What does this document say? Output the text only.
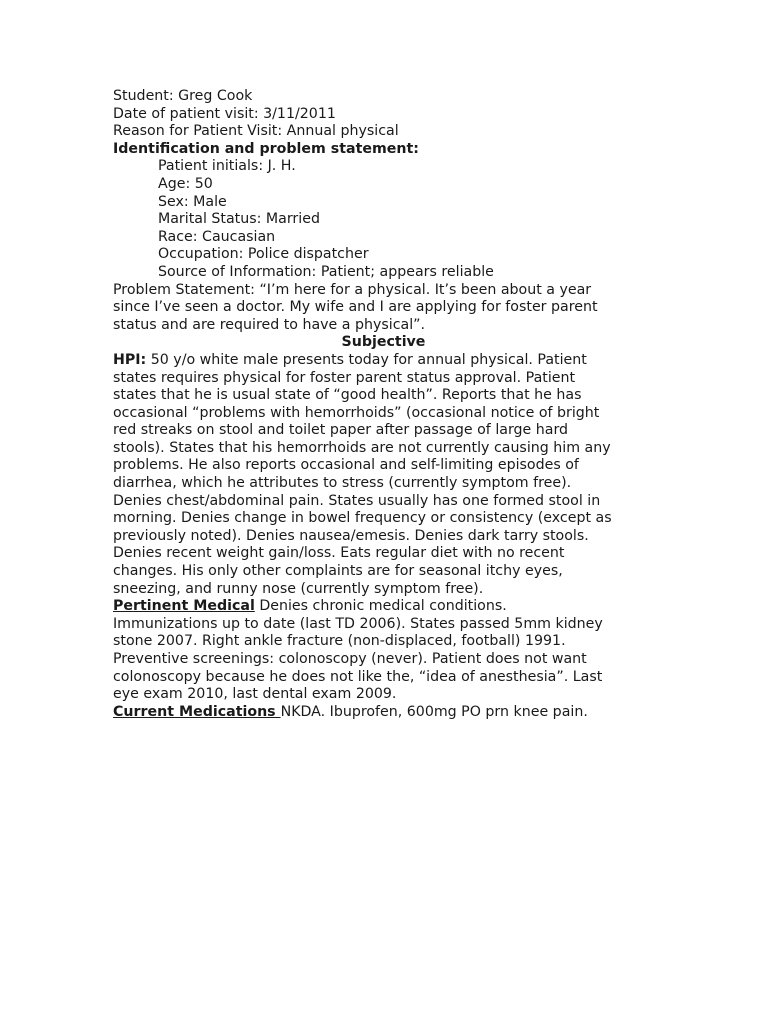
Student: Greg Cook
Date of patient visit: 3/11/2011
Reason for Patient Visit: Annual physical
Identification and problem statement:
Patient initials: J. H.
Age: 50
Sex: Male
Marital Status: Married
Race: Caucasian
Occupation: Police dispatcher
Source of Information: Patient; appears reliable
Problem Statement: “I’m here for a physical. It’s been about a year
since I’ve seen a doctor. My wife and I are applying for foster parent
status and are required to have a physical”.
Subjective
HPI: 50 y/o white male presents today for annual physical. Patient
states requires physical for foster parent status approval. Patient
states that he is usual state of “good health”. Reports that he has
occasional “problems with hemorrhoids” (occasional notice of bright
red streaks on stool and toilet paper after passage of large hard
stools). States that his hemorrhoids are not currently causing him any
problems. He also reports occasional and self-limiting episodes of
diarrhea, which he attributes to stress (currently symptom free).
Denies chest/abdominal pain. States usually has one formed stool in
morning. Denies change in bowel frequency or consistency (except as
previously noted). Denies nausea/emesis. Denies dark tarry stools.
Denies recent weight gain/loss. Eats regular diet with no recent
changes. His only other complaints are for seasonal itchy eyes,
sneezing, and runny nose (currently symptom free).
Pertinent Medical Denies chronic medical conditions.
Immunizations up to date (last TD 2006). States passed 5mm kidney
stone 2007. Right ankle fracture (non-displaced, football) 1991.
Preventive screenings: colonoscopy (never). Patient does not want
colonoscopy because he does not like the, “idea of anesthesia”. Last
eye exam 2010, last dental exam 2009.
Current Medications NKDA. Ibuprofen, 600mg PO prn knee pain.
